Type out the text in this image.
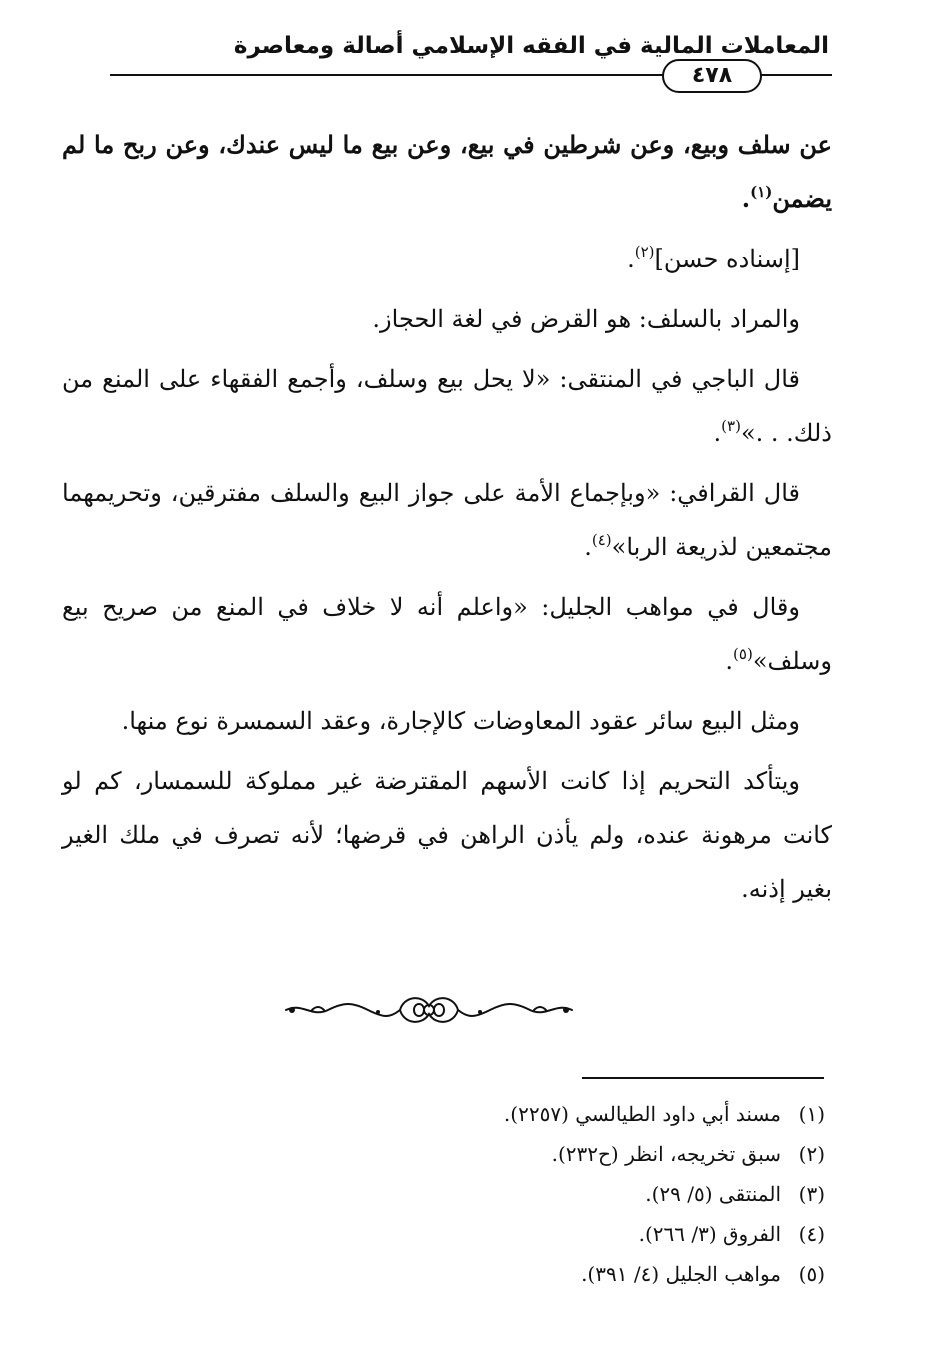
المعاملات المالية في الفقه الإسلامي أصالة ومعاصرة
٤٧٨

عن سلف وبيع، وعن شرطين في بيع، وعن بيع ما ليس عندك، وعن ربح ما لم يضمن$^{(١)}$.

[إسناده حسن]$^{(٢)}$.

والمراد بالسلف: هو القرض في لغة الحجاز.

قال الباجي في المنتقى: «لا يحل بيع وسلف، وأجمع الفقهاء على المنع من ذلك. . .»$^{(٣)}$.

قال القرافي: «وبإجماع الأمة على جواز البيع والسلف مفترقين، وتحريمهما مجتمعين لذريعة الربا»$^{(٤)}$.

وقال في مواهب الجليل: «واعلم أنه لا خلاف في المنع من صريح بيع وسلف»$^{(٥)}$.

ومثل البيع سائر عقود المعاوضات كالإجارة، وعقد السمسرة نوع منها.

ويتأكد التحريم إذا كانت الأسهم المقترضة غير مملوكة للسمسار، كم لو كانت مرهونة عنده، ولم يأذن الراهن في قرضها؛ لأنه تصرف في ملك الغير بغير إذنه.

(١)مسند أبي داود الطيالسي (٢٢٥٧).
(٢)سبق تخريجه، انظر (ح٢٣٢).
(٣)المنتقى (٥/ ٢٩).
(٤)الفروق (٣/ ٢٦٦).
(٥)مواهب الجليل (٤/ ٣٩١).
